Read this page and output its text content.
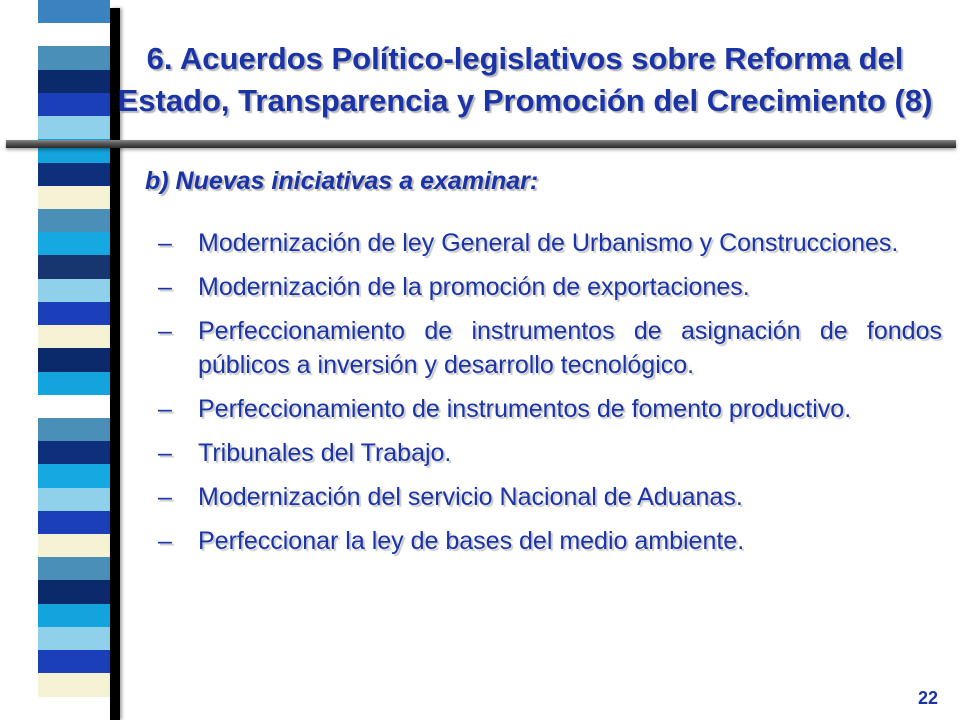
6. Acuerdos Político-legislativos sobre Reforma del Estado, Transparencia y Promoción del Crecimiento (8)
b) Nuevas iniciativas a examinar:
–	Modernización de ley General de Urbanismo y Construcciones.
–	Modernización de la promoción de exportaciones.
–	Perfeccionamiento de instrumentos de asignación de fondos públicos a inversión y desarrollo tecnológico.
–	Perfeccionamiento de instrumentos de fomento productivo.
–	Tribunales del Trabajo.
–	Modernización del servicio Nacional de Aduanas.
–	Perfeccionar la ley de bases del medio ambiente.
22
